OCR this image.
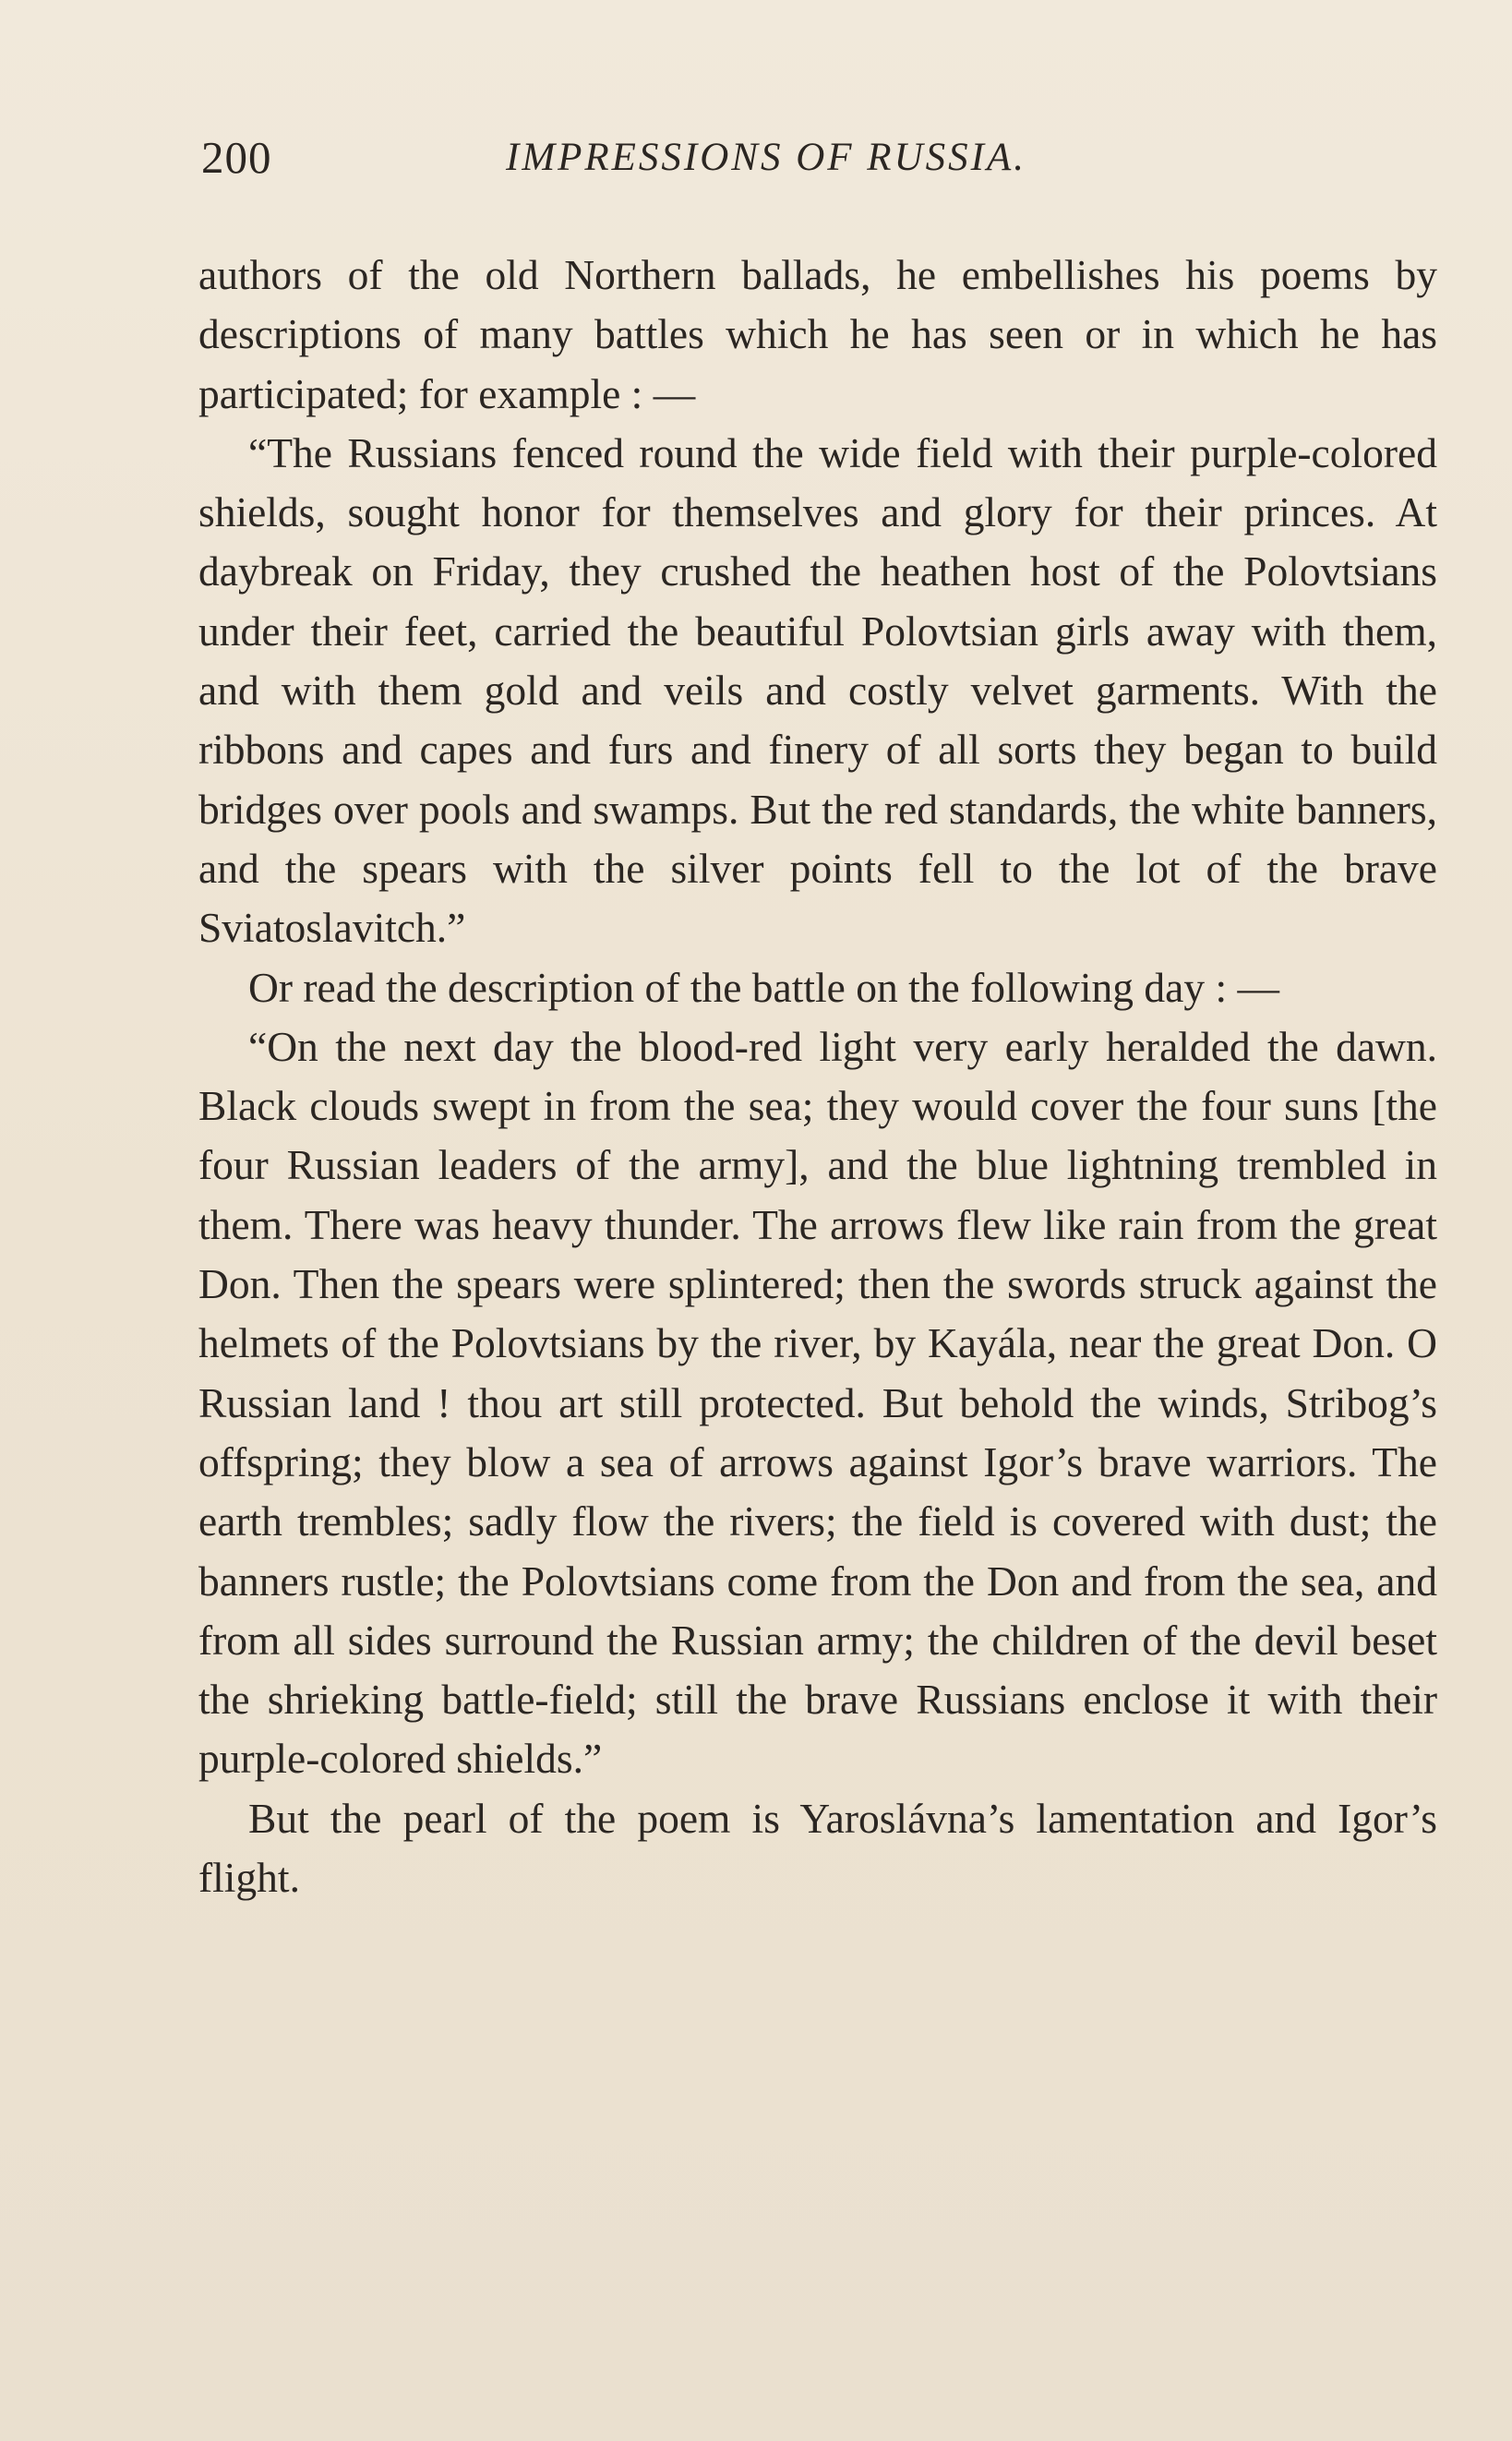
200	IMPRESSIONS OF RUSSIA.

authors of the old Northern ballads, he embellishes his poems by descriptions of many battles which he has seen or in which he has participated; for example : —

“The Russians fenced round the wide field with their purple-colored shields, sought honor for themselves and glory for their princes. At daybreak on Friday, they crushed the heathen host of the Polovtsians under their feet, carried the beautiful Polovtsian girls away with them, and with them gold and veils and costly velvet garments. With the ribbons and capes and furs and finery of all sorts they began to build bridges over pools and swamps. But the red standards, the white banners, and the spears with the silver points fell to the lot of the brave Sviatoslavitch.”

Or read the description of the battle on the following day : —

“On the next day the blood-red light very early heralded the dawn. Black clouds swept in from the sea; they would cover the four suns [the four Russian leaders of the army], and the blue lightning trembled in them. There was heavy thunder. The arrows flew like rain from the great Don. Then the spears were splintered; then the swords struck against the helmets of the Polovtsians by the river, by Kayála, near the great Don. O Russian land ! thou art still protected. But behold the winds, Stribog’s offspring; they blow a sea of arrows against Igor’s brave warriors. The earth trembles; sadly flow the rivers; the field is covered with dust; the banners rustle; the Polovtsians come from the Don and from the sea, and from all sides surround the Russian army; the children of the devil beset the shrieking battle-field; still the brave Russians enclose it with their purple-colored shields.”

But the pearl of the poem is Yaroslávna’s lamentation and Igor’s flight.
